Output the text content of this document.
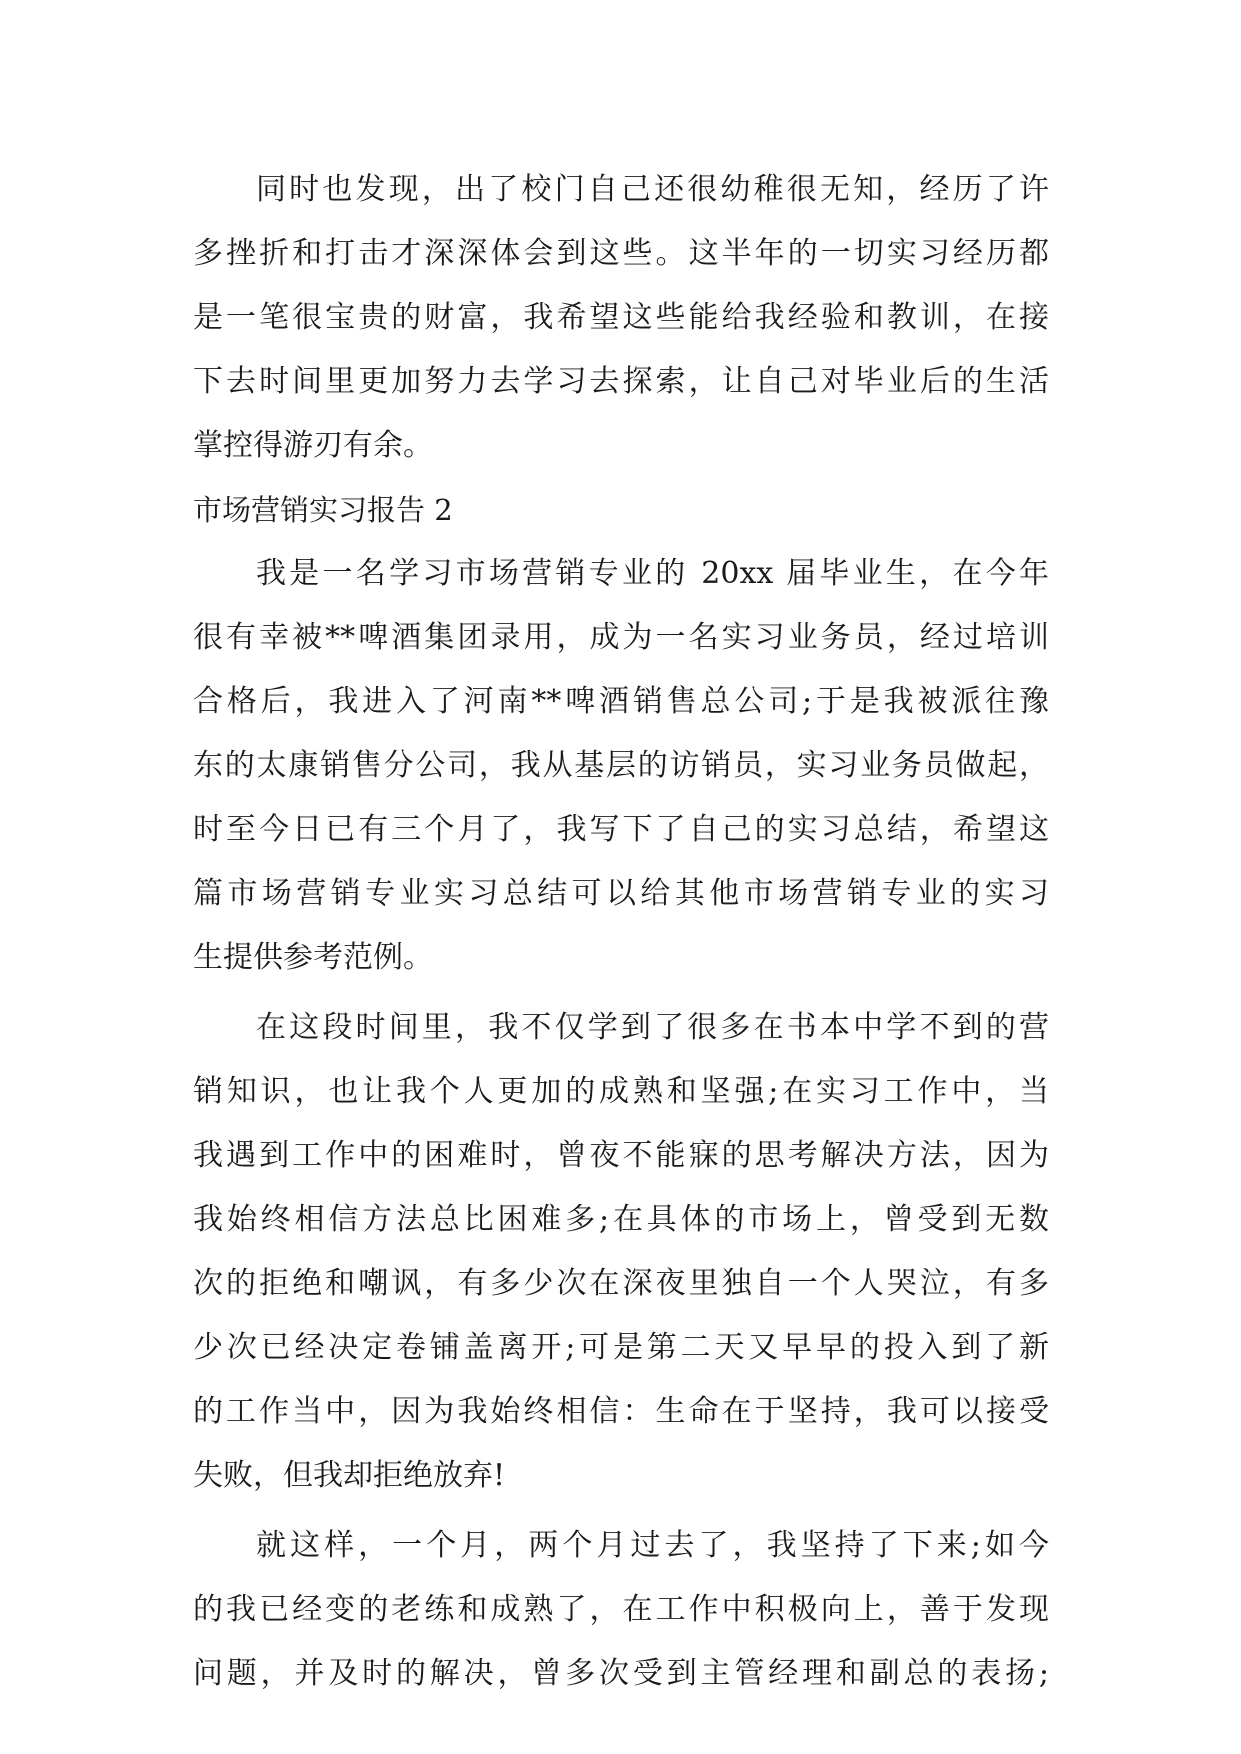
同时也发现，出了校门自己还很幼稚很无知，经历了许
多挫折和打击才深深体会到这些。这半年的一切实习经历都
是一笔很宝贵的财富，我希望这些能给我经验和教训，在接
下去时间里更加努力去学习去探索，让自己对毕业后的生活
掌控得游刃有余。
市场营销实习报告 2
我是一名学习市场营销专业的 20xx 届毕业生，在今年
很有幸被**啤酒集团录用，成为一名实习业务员，经过培训
合格后，我进入了河南**啤酒销售总公司;于是我被派往豫
东的太康销售分公司，我从基层的访销员，实习业务员做起，
时至今日已有三个月了，我写下了自己的实习总结，希望这
篇市场营销专业实习总结可以给其他市场营销专业的实习
生提供参考范例。
在这段时间里，我不仅学到了很多在书本中学不到的营
销知识，也让我个人更加的成熟和坚强;在实习工作中，当
我遇到工作中的困难时，曾夜不能寐的思考解决方法，因为
我始终相信方法总比困难多;在具体的市场上，曾受到无数
次的拒绝和嘲讽，有多少次在深夜里独自一个人哭泣，有多
少次已经决定卷铺盖离开;可是第二天又早早的投入到了新
的工作当中，因为我始终相信：生命在于坚持，我可以接受
失败，但我却拒绝放弃!
就这样，一个月，两个月过去了，我坚持了下来;如今
的我已经变的老练和成熟了，在工作中积极向上，善于发现
问题，并及时的解决，曾多次受到主管经理和副总的表扬;
